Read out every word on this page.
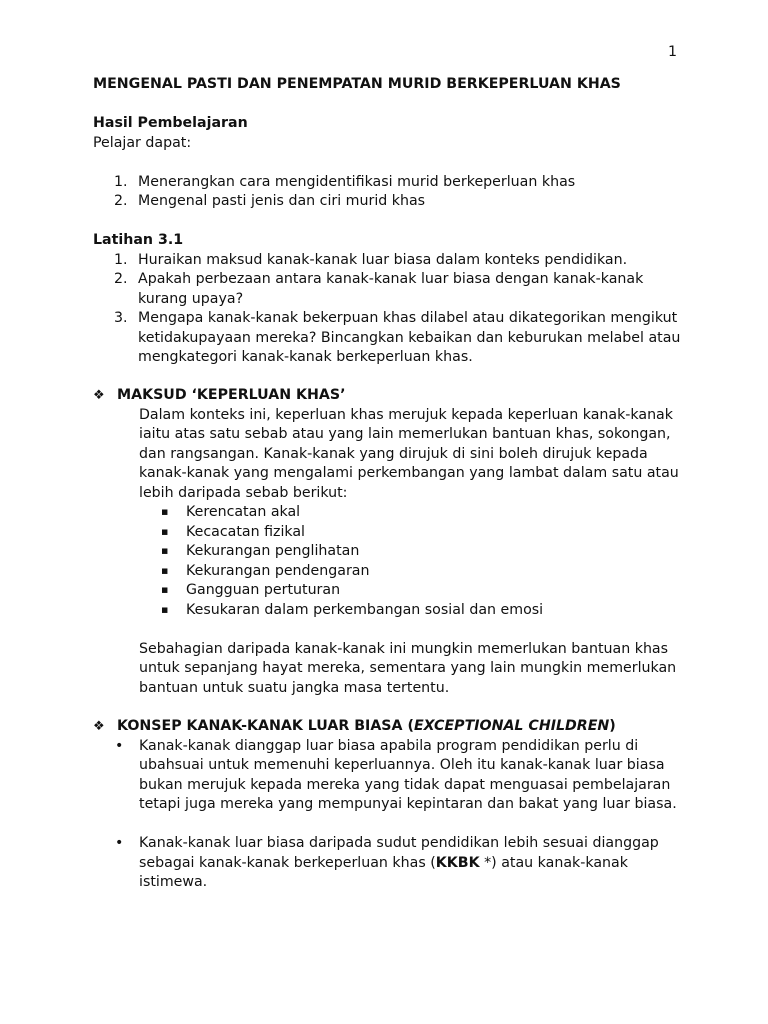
1
MENGENAL PASTI DAN PENEMPATAN MURID BERKEPERLUAN KHAS

Hasil Pembelajaran

Pelajar dapat:

1. Menerangkan cara mengidentifikasi murid berkeperluan khas
2. Mengenal pasti jenis dan ciri murid khas

Latihan 3.1

1. Huraikan maksud kanak-kanak luar biasa dalam konteks pendidikan.
2. Apakah perbezaan antara kanak-kanak luar biasa dengan kanak-kanak kurang upaya?
3. Mengapa kanak-kanak bekerpuan khas dilabel atau dikategorikan mengikut ketidakupayaan mereka? Bincangkan kebaikan dan keburukan melabel atau mengkategori kanak-kanak berkeperluan khas.

❖ MAKSUD ‘KEPERLUAN KHAS’

Dalam konteks ini, keperluan khas merujuk kepada keperluan kanak-kanak iaitu atas satu sebab atau yang lain memerlukan bantuan khas, sokongan, dan rangsangan. Kanak-kanak yang dirujuk di sini boleh dirujuk kepada kanak-kanak yang mengalami perkembangan yang lambat dalam satu atau lebih daripada sebab berikut:

▪ Kerencatan akal
▪ Kecacatan fizikal
▪ Kekurangan penglihatan
▪ Kekurangan pendengaran
▪ Gangguan pertuturan
▪ Kesukaran dalam perkembangan sosial dan emosi

Sebahagian daripada kanak-kanak ini mungkin memerlukan bantuan khas untuk sepanjang hayat mereka, sementara yang lain mungkin memerlukan bantuan untuk suatu jangka masa tertentu.

❖ KONSEP KANAK-KANAK LUAR BIASA (EXCEPTIONAL CHILDREN)

• Kanak-kanak dianggap luar biasa apabila program pendidikan perlu di ubahsuai untuk memenuhi keperluannya. Oleh itu kanak-kanak luar biasa bukan merujuk kepada mereka yang tidak dapat menguasai pembelajaran tetapi juga mereka yang mempunyai kepintaran dan bakat yang luar biasa.
• Kanak-kanak luar biasa daripada sudut pendidikan lebih sesuai dianggap sebagai kanak-kanak berkeperluan khas (KKBK *) atau kanak-kanak istimewa.
